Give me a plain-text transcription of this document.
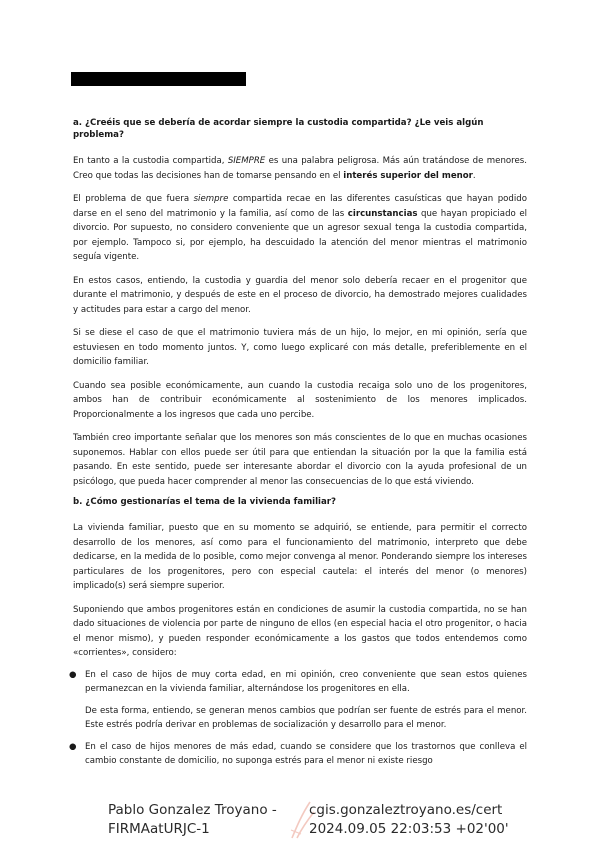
a. ¿Creéis que se debería de acordar siempre la custodia compartida? ¿Le veis algún problema?

En tanto a la custodia compartida, SIEMPRE es una palabra peligrosa. Más aún tratándose de menores. Creo que todas las decisiones han de tomarse pensando en el interés superior del menor.

El problema de que fuera siempre compartida recae en las diferentes casuísticas que hayan podido darse en el seno del matrimonio y la familia, así como de las circunstancias que hayan propiciado el divorcio. Por supuesto, no considero conveniente que un agresor sexual tenga la custodia compartida, por ejemplo. Tampoco si, por ejemplo, ha descuidado la atención del menor mientras el matrimonio seguía vigente.

En estos casos, entiendo, la custodia y guardia del menor solo debería recaer en el progenitor que durante el matrimonio, y después de este en el proceso de divorcio, ha demostrado mejores cualidades y actitudes para estar a cargo del menor.

Si se diese el caso de que el matrimonio tuviera más de un hijo, lo mejor, en mi opinión, sería que estuviesen en todo momento juntos. Y, como luego explicaré con más detalle, preferiblemente en el domicilio familiar.

Cuando sea posible económicamente, aun cuando la custodia recaiga solo uno de los progenitores, ambos han de contribuir económicamente al sostenimiento de los menores implicados. Proporcionalmente a los ingresos que cada uno percibe.

También creo importante señalar que los menores son más conscientes de lo que en muchas ocasiones suponemos. Hablar con ellos puede ser útil para que entiendan la situación por la que la familia está pasando. En este sentido, puede ser interesante abordar el divorcio con la ayuda profesional de un psicólogo, que pueda hacer comprender al menor las consecuencias de lo que está viviendo.

b. ¿Cómo gestionarías el tema de la vivienda familiar?

La vivienda familiar, puesto que en su momento se adquirió, se entiende, para permitir el correcto desarrollo de los menores, así como para el funcionamiento del matrimonio, interpreto que debe dedicarse, en la medida de lo posible, como mejor convenga al menor. Ponderando siempre los intereses particulares de los progenitores, pero con especial cautela: el interés del menor (o menores) implicado(s) será siempre superior.

Suponiendo que ambos progenitores están en condiciones de asumir la custodia compartida, no se han dado situaciones de violencia por parte de ninguno de ellos (en especial hacia el otro progenitor, o hacia el menor mismo), y pueden responder económicamente a los gastos que todos entendemos como «corrientes», considero:

● En el caso de hijos de muy corta edad, en mi opinión, creo conveniente que sean estos quienes permanezcan en la vivienda familiar, alternándose los progenitores en ella.

De esta forma, entiendo, se generan menos cambios que podrían ser fuente de estrés para el menor. Este estrés podría derivar en problemas de socialización y desarrollo para el menor.

● En el caso de hijos menores de más edad, cuando se considere que los trastornos que conlleva el cambio constante de domicilio, no suponga estrés para el menor ni existe riesgo

Pablo Gonzalez Troyano -
FIRMAatURJC-1
cgis.gonzaleztroyano.es/cert
2024.09.05 22:03:53 +02'00'
